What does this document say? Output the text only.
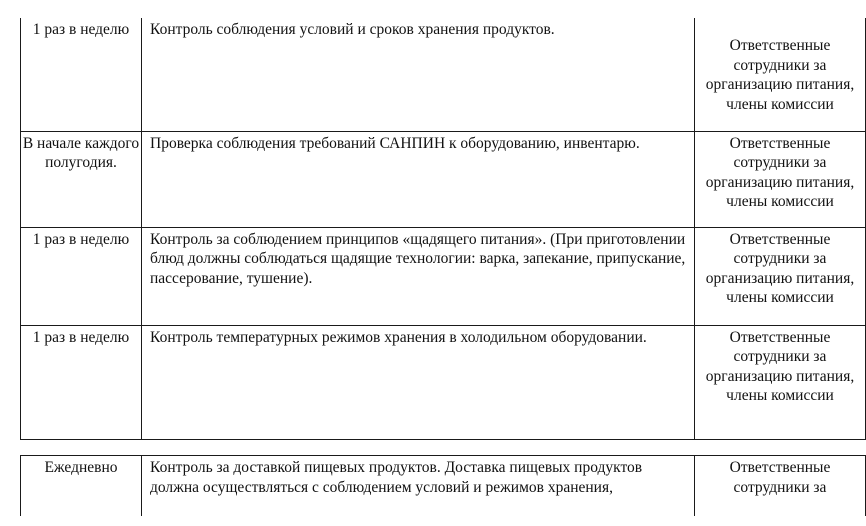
1 раз в неделю	Контроль соблюдения условий и сроков хранения продуктов.	Ответственные сотрудники за организацию питания, члены комиссии
В начале каждого полугодия.	Проверка соблюдения требований САНПИН к оборудованию, инвентарю.	Ответственные сотрудники за организацию питания, члены комиссии
1 раз в неделю	Контроль за соблюдением принципов «щадящего питания». (При приготовлении блюд должны соблюдаться щадящие технологии: варка, запекание, припускание, пассерование, тушение).	Ответственные сотрудники за организацию питания, члены комиссии
1 раз в неделю	Контроль температурных режимов хранения в холодильном оборудовании.	Ответственные сотрудники за организацию питания, члены комиссии
Ежедневно	Контроль за доставкой пищевых продуктов. Доставка пищевых продуктов должна осуществляться с соблюдением условий и режимов хранения,	Ответственные сотрудники за
